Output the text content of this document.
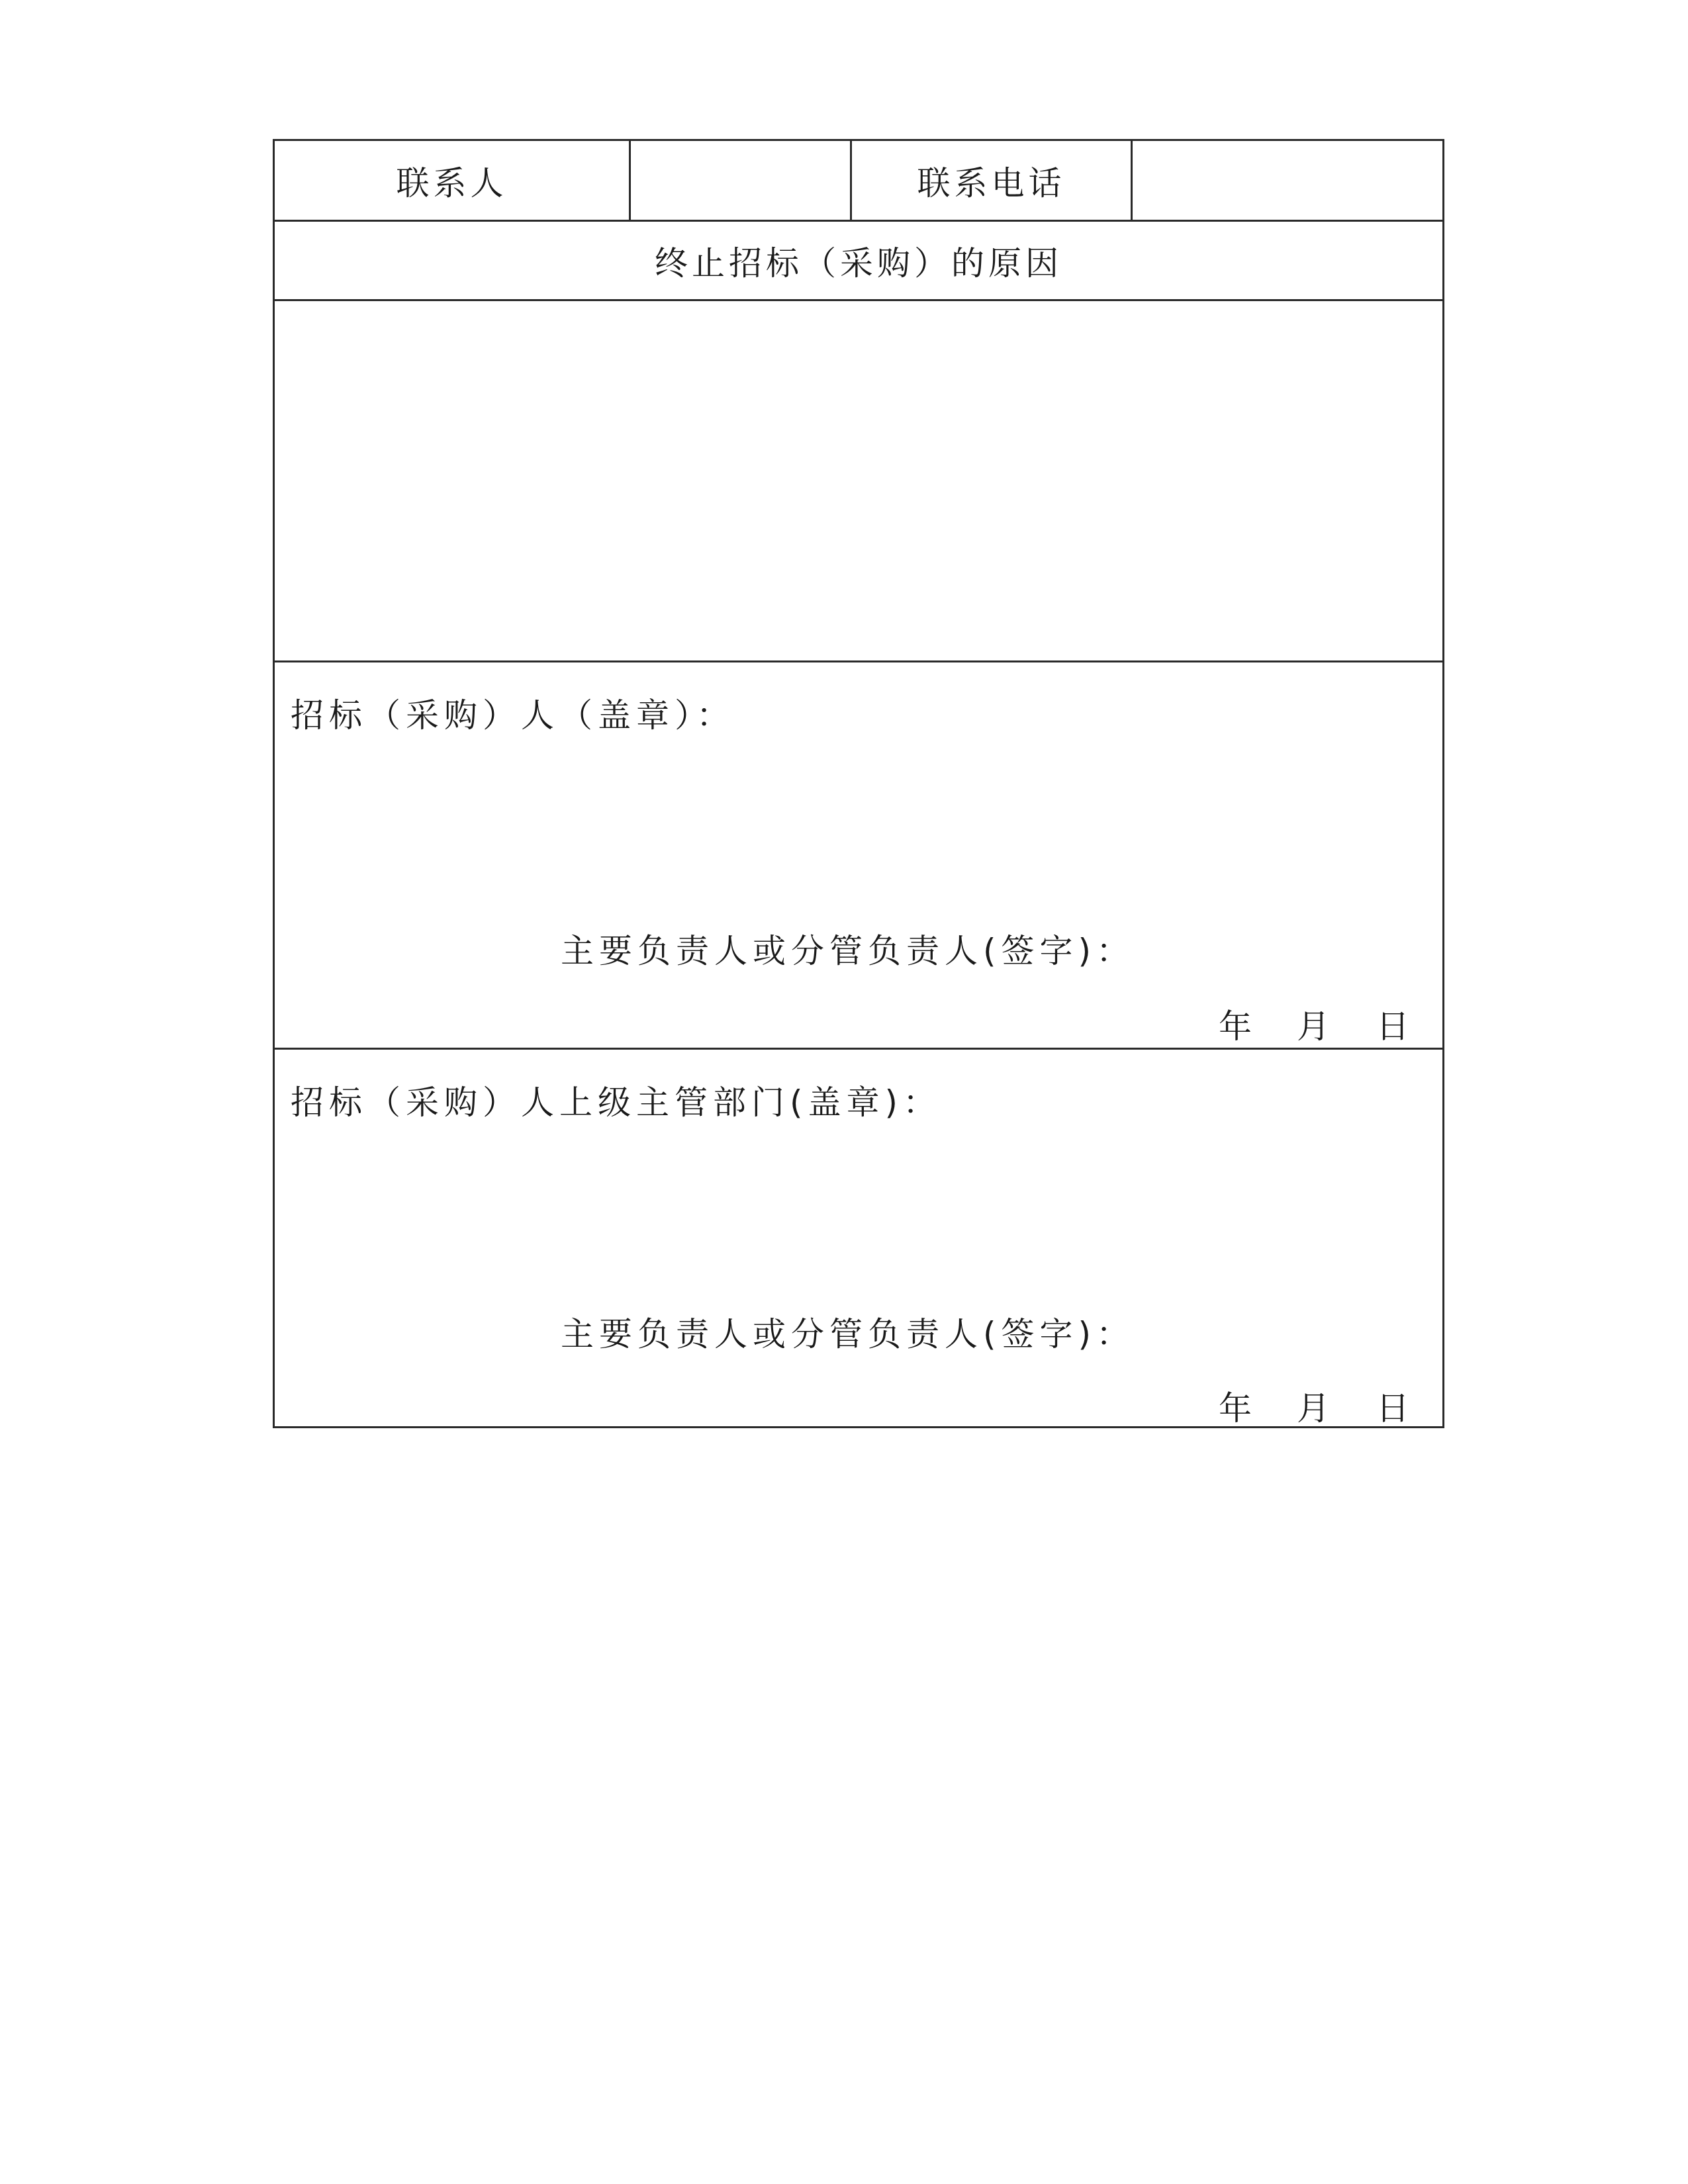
联系人	联系电话
终止招标（采购）的原因
招标（采购）人（盖章）：
主要负责人或分管负责人(签字)：
年 月 日
招标（采购）人上级主管部门(盖章)：
主要负责人或分管负责人(签字)：
年 月 日
